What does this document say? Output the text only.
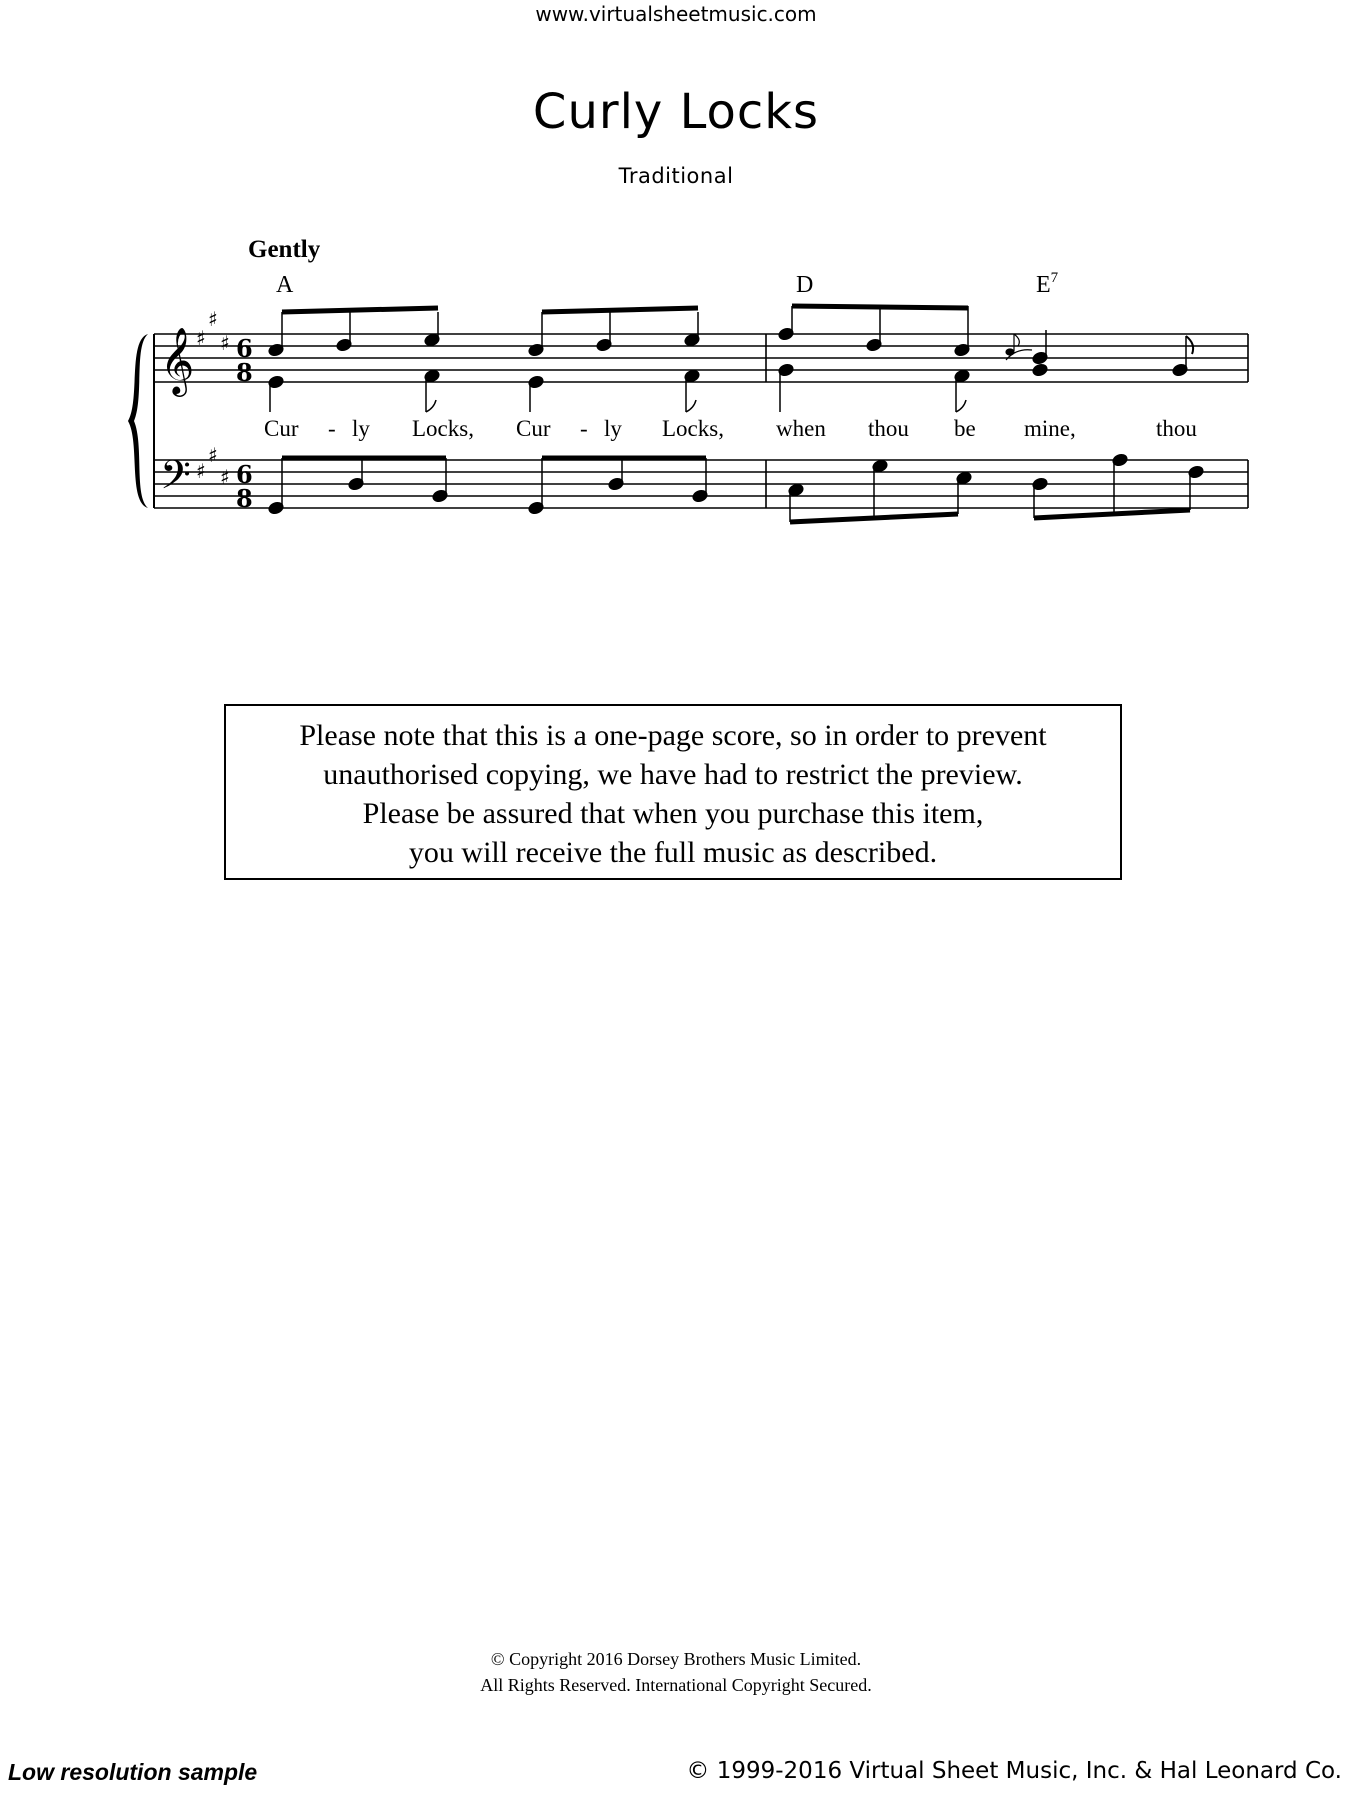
www.virtualsheetmusic.com
Curly Locks
Traditional
Gently
A	D	$E^7$
𝄞
𝄢
♯
♯
♯
♯
♯
♯
6
8
6
8
Cur - ly Locks, Cur - ly Locks, when thou be mine,	thou
Please note that this is a one-page score, so in order to prevent
unauthorised copying, we have had to restrict the preview.
Please be assured that when you purchase this item,
you will receive the full music as described.
© Copyright 2016 Dorsey Brothers Music Limited.
All Rights Reserved. International Copyright Secured.
Low resolution sample	© 1999-2016 Virtual Sheet Music, Inc. & Hal Leonard Co.
